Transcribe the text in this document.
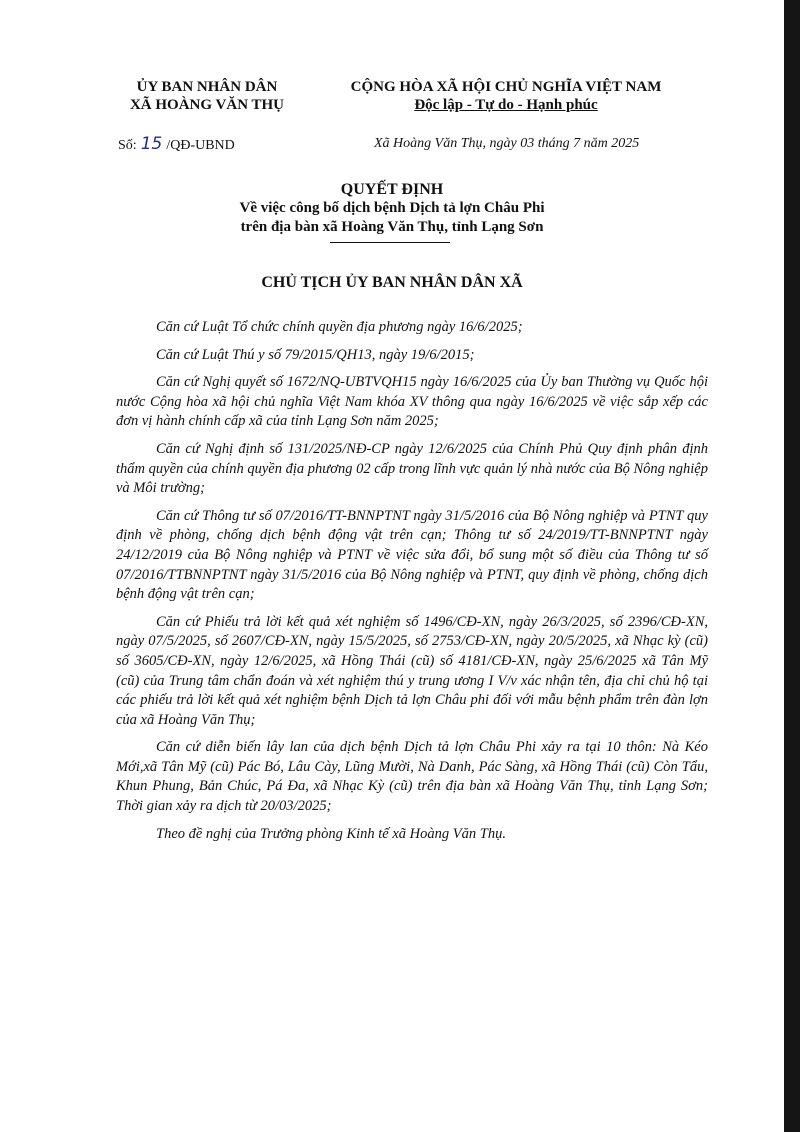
ỦY BAN NHÂN DÂN
XÃ HOÀNG VĂN THỤ
CỘNG HÒA XÃ HỘI CHỦ NGHĨA VIỆT NAM
Độc lập - Tự do - Hạnh phúc
Số: 15 /QĐ-UBND	Xã Hoàng Văn Thụ, ngày 03 tháng 7 năm 2025
QUYẾT ĐỊNH
Về việc công bố dịch bệnh Dịch tả lợn Châu Phi
trên địa bàn xã Hoàng Văn Thụ, tỉnh Lạng Sơn
CHỦ TỊCH ỦY BAN NHÂN DÂN XÃ

Căn cứ Luật Tổ chức chính quyền địa phương ngày 16/6/2025;

Căn cứ Luật Thú y số 79/2015/QH13, ngày 19/6/2015;

Căn cứ Nghị quyết số 1672/NQ-UBTVQH15 ngày 16/6/2025 của Ủy ban Thường vụ Quốc hội nước Cộng hòa xã hội chủ nghĩa Việt Nam khóa XV thông qua ngày 16/6/2025 về việc sắp xếp các đơn vị hành chính cấp xã của tỉnh Lạng Sơn năm 2025;

Căn cứ Nghị định số 131/2025/NĐ-CP ngày 12/6/2025 của Chính Phủ Quy định phân định thẩm quyền của chính quyền địa phương 02 cấp trong lĩnh vực quản lý nhà nước của Bộ Nông nghiệp và Môi trường;

Căn cứ Thông tư số 07/2016/TT-BNNPTNT ngày 31/5/2016 của Bộ Nông nghiệp và PTNT quy định về phòng, chống dịch bệnh động vật trên cạn; Thông tư số 24/2019/TT-BNNPTNT ngày 24/12/2019 của Bộ Nông nghiệp và PTNT về việc sửa đổi, bổ sung một số điều của Thông tư số 07/2016/TTBNNPTNT ngày 31/5/2016 của Bộ Nông nghiệp và PTNT, quy định về phòng, chống dịch bệnh động vật trên cạn;

Căn cứ Phiếu trả lời kết quả xét nghiệm số 1496/CĐ-XN, ngày 26/3/2025, số 2396/CĐ-XN, ngày 07/5/2025, số 2607/CĐ-XN, ngày 15/5/2025, số 2753/CĐ-XN, ngày 20/5/2025, xã Nhạc kỳ (cũ) số 3605/CĐ-XN, ngày 12/6/2025, xã Hồng Thái (cũ) số 4181/CĐ-XN, ngày 25/6/2025 xã Tân Mỹ (cũ) của Trung tâm chẩn đoán và xét nghiệm thú y trung ương I V/v xác nhận tên, địa chỉ chủ hộ tại các phiếu trả lời kết quả xét nghiệm bệnh Dịch tả lợn Châu phi đối với mẫu bệnh phẩm trên đàn lợn của xã Hoàng Văn Thụ;

Căn cứ diễn biến lây lan của dịch bệnh Dịch tả lợn Châu Phi xảy ra tại 10 thôn: Nà Kéo Mới,xã Tân Mỹ (cũ) Pác Bó, Lâu Cày, Lũng Mười, Nà Danh, Pác Sàng, xã Hồng Thái (cũ) Còn Tẩu, Khun Phung, Bản Chúc, Pá Đa, xã Nhạc Kỳ (cũ) trên địa bàn xã Hoàng Văn Thụ, tỉnh Lạng Sơn; Thời gian xảy ra dịch từ 20/03/2025;

Theo đề nghị của Trưởng phòng Kinh tế xã Hoàng Văn Thụ.
